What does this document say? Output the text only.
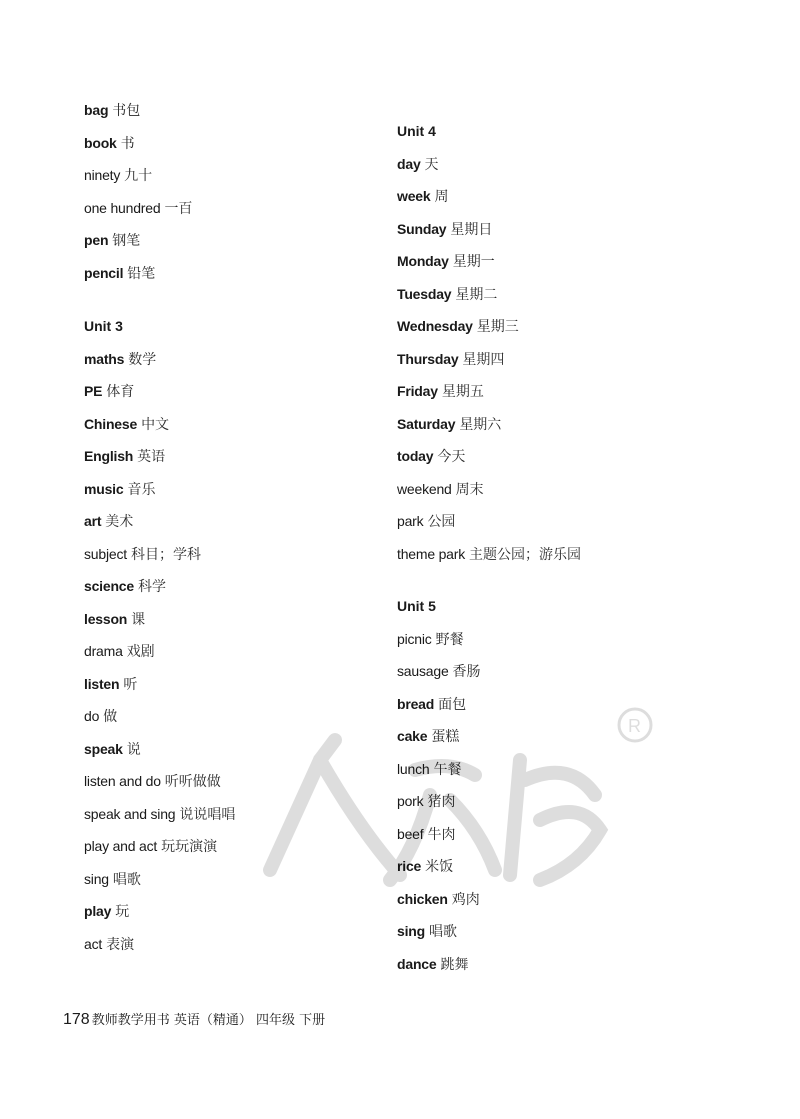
bag 书包
book 书
ninety 九十
one hundred 一百
pen 钢笔
pencil 铅笔
Unit 3
maths 数学
PE 体育
Chinese 中文
English 英语
music 音乐
art 美术
subject 科目；学科
science 科学
lesson 课
drama 戏剧
listen 听
do 做
speak 说
listen and do 听听做做
speak and sing 说说唱唱
play and act 玩玩演演
sing 唱歌
play 玩
act 表演
Unit 4
day 天
week 周
Sunday 星期日
Monday 星期一
Tuesday 星期二
Wednesday 星期三
Thursday 星期四
Friday 星期五
Saturday 星期六
today 今天
weekend 周末
park 公园
theme park 主题公园；游乐园
Unit 5
picnic 野餐
sausage 香肠
bread 面包
cake 蛋糕
lunch 午餐
pork 猪肉
beef 牛肉
rice 米饭
chicken 鸡肉
sing 唱歌
dance 跳舞
178 教师教学用书 英语（精通） 四年级 下册
R
